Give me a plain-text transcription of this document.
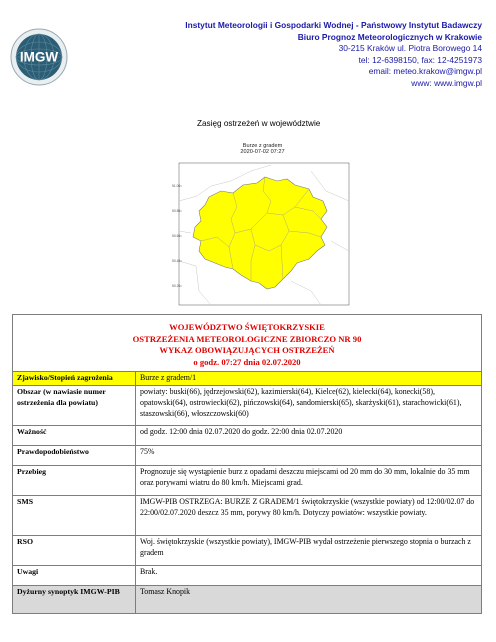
IMGW
Instytut Meteorologii i Gospodarki Wodnej - Państwowy Instytut Badawczy
Biuro Prognoz Meteorologicznych w Krakowie
30-215 Kraków ul. Piotra Borowego 14
tel: 12-6398150, fax: 12-4251973
email: meteo.krakow@imgw.pl
www: www.imgw.pl
Zasięg ostrzeżeń w województwie
51.00
50.80
50.60
50.40
50.20
Burze z gradem
2020-07-02 07:27
WOJEWÓDZTWO ŚWIĘTOKRZYSKIE
OSTRZEŻENIA METEOROLOGICZNE ZBIORCZO NR 90
WYKAZ OBOWIĄZUJĄCYCH OSTRZEŻEŃ
o godz. 07:27 dnia 02.07.2020	

Zjawisko/Stopień zagrożenia	Burze z gradem/1
Obszar (w nawiasie numer ostrzeżenia dla powiatu)	powiaty: buski(66), jędrzejowski(62), kazimierski(64), Kielce(62), kielecki(64), konecki(58), opatowski(64), ostrowiecki(62), pińczowski(64), sandomierski(65), skarżyski(61), starachowicki(61), staszowski(66), włoszczowski(60)
Ważność	od godz. 12:00 dnia 02.07.2020 do godz. 22:00 dnia 02.07.2020
Prawdopodobieństwo	75%
Przebieg	Prognozuje się wystąpienie burz z opadami deszczu miejscami od 20 mm do 30 mm, lokalnie do 35 mm oraz porywami wiatru do 80 km/h. Miejscami grad.
SMS	IMGW-PIB OSTRZEGA: BURZE Z GRADEM/1 świętokrzyskie (wszystkie powiaty) od 12:00/02.07 do 22:00/02.07.2020 deszcz 35 mm, porywy 80 km/h. Dotyczy powiatów: wszystkie powiaty.
RSO	Woj. świętokrzyskie (wszystkie powiaty), IMGW-PIB wydał ostrzeżenie pierwszego stopnia o burzach z gradem
Uwagi	Brak.
Dyżurny synoptyk IMGW-PIB	Tomasz Knopik
